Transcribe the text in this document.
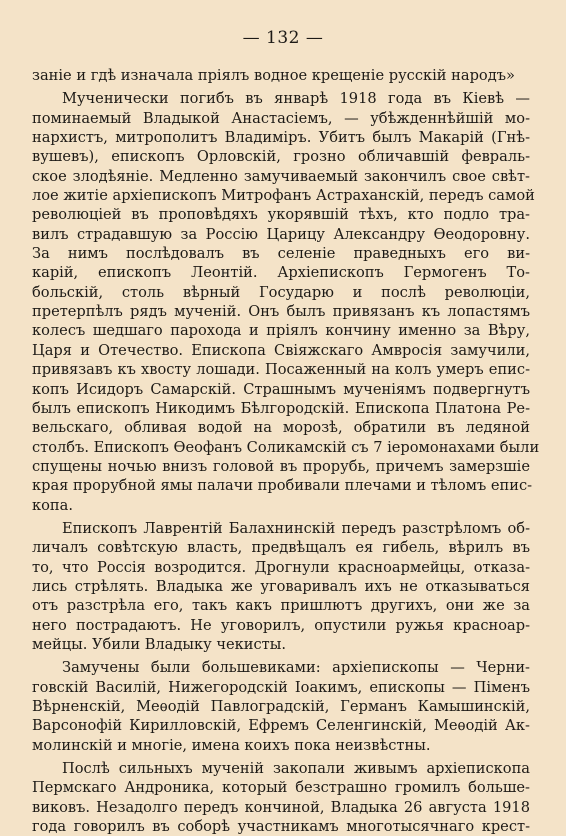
— 132 —
заніе и гдѣ изначала пріялъ водное крещеніе русскій народъ»
Мученически погибъ въ январѣ 1918 года въ Кіевѣ —
поминаемый Владыкой Анастасіемъ, — убѣжденнѣйшій мо-
нархистъ, митрополитъ Владиміръ. Убитъ былъ Макарій (Гнѣ-
вушевъ), епископъ Орловскій, грозно обличавшій февраль-
ское злодѣяніе. Медленно замучиваемый закончилъ свое свѣт-
лое житіе архіепископъ Митрофанъ Астраханскій, передъ самой
революціей въ проповѣдяхъ укорявшій тѣхъ, кто подло тра-
вилъ страдавшую за Россію Царицу Александру Ѳеодоровну.
За нимъ послѣдовалъ въ селеніе праведныхъ его ви-
карій, епископъ Леонтій. Архіепископъ Гермогенъ То-
больскій, столь вѣрный Государю и послѣ революціи,
претерпѣлъ рядъ мученій. Онъ былъ привязанъ къ лопастямъ
колесъ шедшаго парохода и пріялъ кончину именно за Вѣру,
Царя и Отечество. Епископа Свіяжскаго Амвросія замучили,
привязавъ къ хвосту лошади. Посаженный на колъ умеръ епис-
копъ Исидоръ Самарскій. Страшнымъ мученіямъ подвергнутъ
былъ епископъ Никодимъ Бѣлгородскій. Епископа Платона Ре-
вельскаго, обливая водой на морозѣ, обратили въ ледяной
столбъ. Епископъ Ѳеофанъ Соликамскій съ 7 іеромонахами были
спущены ночью внизъ головой въ прорубь, причемъ замерзшіе
края прорубной ямы палачи пробивали плечами и тѣломъ епис-
копа.
Епископъ Лаврентій Балахнинскій передъ разстрѣломъ об-
личалъ совѣтскую власть, предвѣщалъ ея гибель, вѣрилъ въ
то, что Россія возродится. Дрогнули красноармейцы, отказа-
лись стрѣлять. Владыка же уговаривалъ ихъ не отказываться
отъ разстрѣла его, такъ какъ пришлютъ другихъ, они же за
него пострадаютъ. Не уговорилъ, опустили ружья красноар-
мейцы. Убили Владыку чекисты.
Замучены были большевиками: архіепископы — Черни-
говскій Василій, Нижегородскій Іоакимъ, епископы — Піменъ
Вѣрненскій, Меѳодій Павлоградскій, Германъ Камышинскій,
Варсонофій Кирилловскій, Ефремъ Селенгинскій, Меѳодій Ак-
молинскій и многіе, имена коихъ пока неизвѣстны.
Послѣ сильныхъ мученій закопали живымъ архіепископа
Пермскаго Андроника, который безстрашно громилъ больше-
виковъ. Незадолго передъ кончиной, Владыка 26 августа 1918
года говорилъ въ соборѣ участникамъ многотысячнаго крест-
